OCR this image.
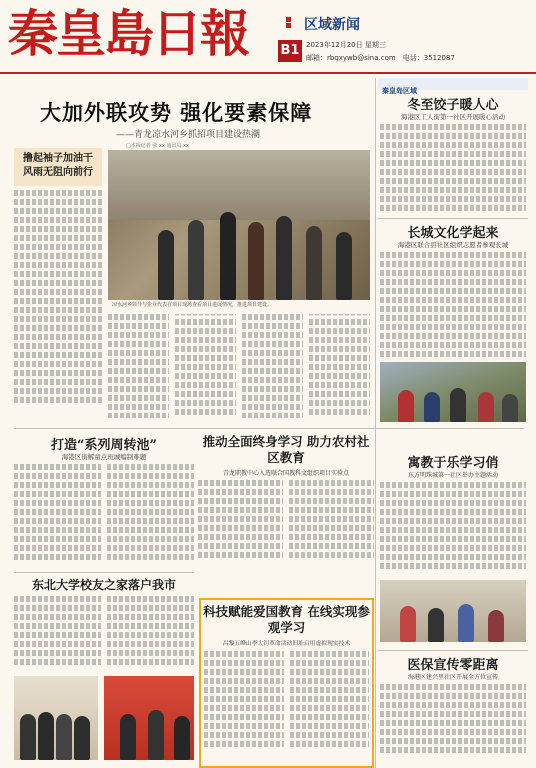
秦皇島日報	区域新闻
B1 2023年12月20日 星期三
邮箱：rbqxywb@sina.com　 电话：3512087
秦皇岛区域
大加外联攻势 强化要素保障
——青龙凉水河乡抓招项目建设热潮
□本报记者 张 xx 通讯员 xx
撸起袖子加油干 风雨无阻向前行
凉水河乡领导与企业代表在项目现场查看项目进展情况，推进项目建设。
冬至饺子暖人心
海港区工人街第一社区开展暖心活动
长城文化学起来
海港区联合县社区组织志愿者参观长城
打造“系列周转池”
海港区街解童点班城编制难题
推动全面终身学习 助力农村社区教育
青龙职教中心入选联合国教科文组织项目实验点
寓教于乐学习俏
东方明珠城第一社区举办主题活动
东北大学校友之家落户我市
科技赋能爱国教育 在线实现参观学习
昌黎五峰山李大钊革命活动旧址启用虚拟现实技术
医保宣传零距离
海港区建兴里社区开展全方位宣传
